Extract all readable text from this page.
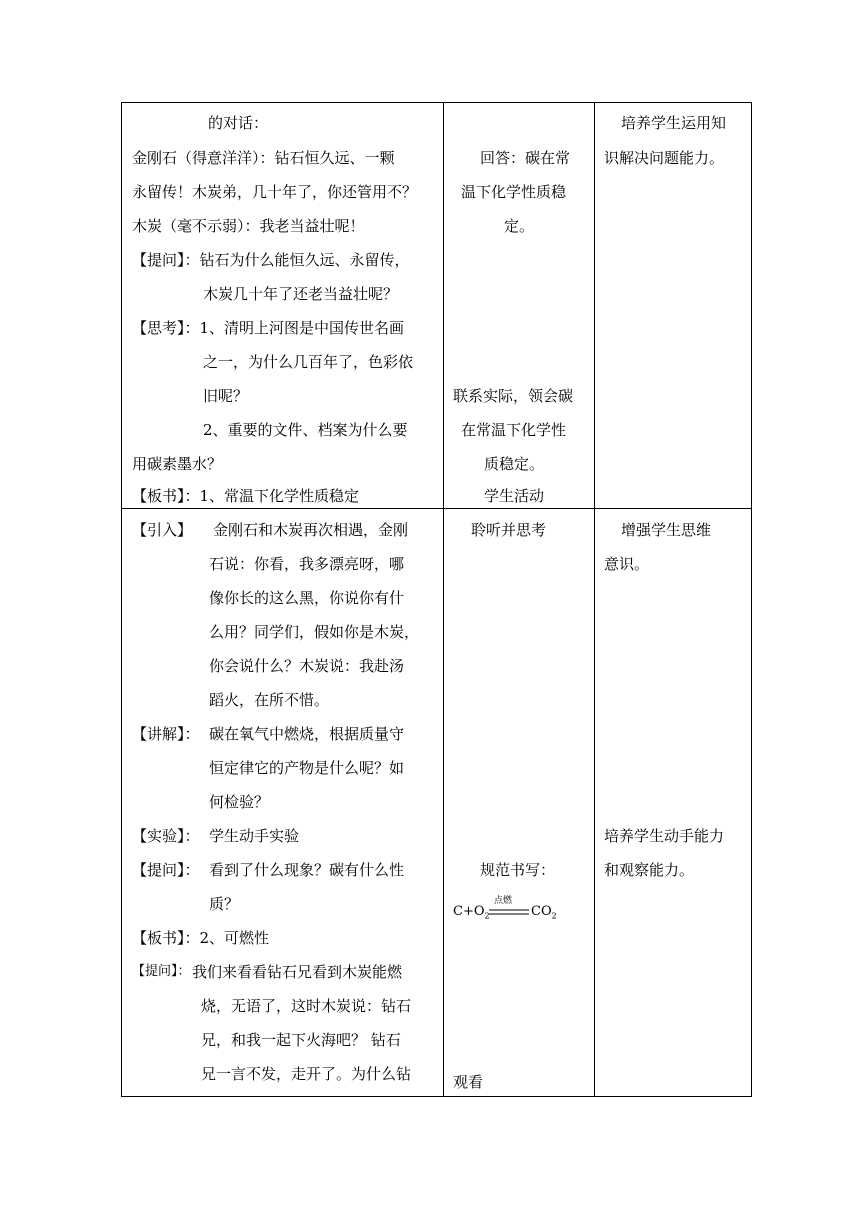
的对话：
金刚石（得意洋洋）：钻石恒久远、一颗
永留传！木炭弟，几十年了，你还管用不？
木炭（毫不示弱）：我老当益壮呢！
【提问】：钻石为什么能恒久远、永留传，
木炭几十年了还老当益壮呢？
【思考】：1、清明上河图是中国传世名画
之一，为什么几百年了，色彩依
旧呢？
2、重要的文件、档案为什么要
用碳素墨水？
【板书】：1、常温下化学性质稳定
回答：碳在常
温下化学性质稳
定。
联系实际，领会碳
在常温下化学性
质稳定。
学生活动
培养学生运用知
识解决问题能力。
【引入】 金刚石和木炭再次相遇，金刚
石说：你看，我多漂亮呀，哪
像你长的这么黑，你说你有什
么用？同学们，假如你是木炭，
你会说什么？木炭说：我赴汤
蹈火，在所不惜。
【讲解】： 碳在氧气中燃烧，根据质量守
恒定律它的产物是什么呢？如
何检验？
【实验】： 学生动手实验
【提问】： 看到了什么现象？碳有什么性
质？
【板书】：2、可燃性
【提问】： 我们来看看钻石兄看到木炭能燃
烧，无语了，这时木炭说：钻石
兄，和我一起下火海吧？ 钻石
兄一言不发，走开了。为什么钻
聆听并思考
规范书写：
$C+O_2$
点燃
$CO_2$
观看
增强学生思维
意识。
培养学生动手能力
和观察能力。
